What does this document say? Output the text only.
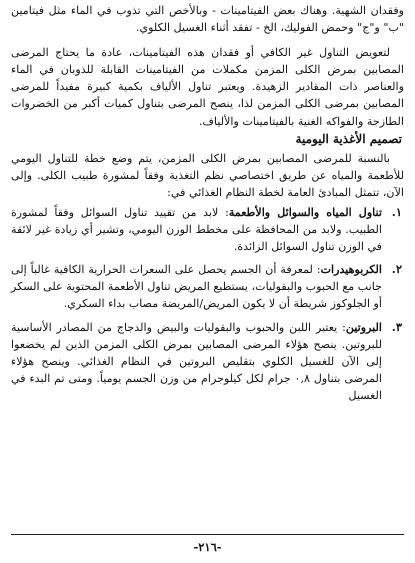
وفقدان الشهية. وهناك بعض الفيتامينات - وبالأخص التي تذوب في الماء مثل فيتامين "ب" و"ج" وحمض الفوليك، الخ - تفقد أثناء الغسيل الكلوي.

لتعويض التناول غير الكافي أو فقدان هذه الفيتامينات، عادة ما يحتاج المرضى المصابين بمرض الكلى المزمن مكملات من الفيتامينات القابلة للذوبان في الماء والعناصر ذات المقادير الزهيدة. ويعتبر تناول الألياف بكمية كبيرة مفيداً للمرضى المصابين بمرضى الكلى المزمن لذا، ينصح المرضى بتناول كميات أكبر من الخضروات الطازجة والفواكه الغنية بالفيتامينات والألياف.

تصميم الأغذية اليومية

بالنسبة للمرضى المصابين بمرض الكلى المزمن، يتم وضع خطة للتناول اليومي للأطعمة والمياه عن طريق اختصاصي نظم التغذية وفقاً لمشورة طبيب الكلى. وإلى الآن، تتمثل المبادئ العامة لخطة النظام الغذائي في:

١.
تناول المياه والسوائل والأطعمة: لابد من تقييد تناول السوائل وفقاً لمشورة الطبيب. ولابد من المحافظة على مخطط الوزن اليومي، وتشير أي زيادة غير لائقة في الوزن تناول السوائل الزائدة.
٢.
الكربوهيدرات: لمعرفة أن الجسم يحصل على السعرات الحرارية الكافية غالباً إلى جانب مع الحبوب والبقوليات، يستطيع المريض تناول الأطعمة المحتوية على السكر أو الجلوكوز شريطة أن لا يكون المريض/المريضة مصاب بداء السكري.
٣.
البروتين: يعتبر اللبن والحبوب والبقوليات والبيض والدجاج من المصادر الأساسية للبروتين. ينصح هؤلاء المرضى المصابين بمرض الكلى المزمن الذين لم يخضعوا إلى الآن للغسيل الكلوي بتقليص البروتين في النظام الغذائي. وينصح هؤلاء المرضى بتناول ٠,٨ جرام لكل كيلوجرام من وزن الجسم يومياً. ومتى تم البدء في الغسيل
-٢١٦-
